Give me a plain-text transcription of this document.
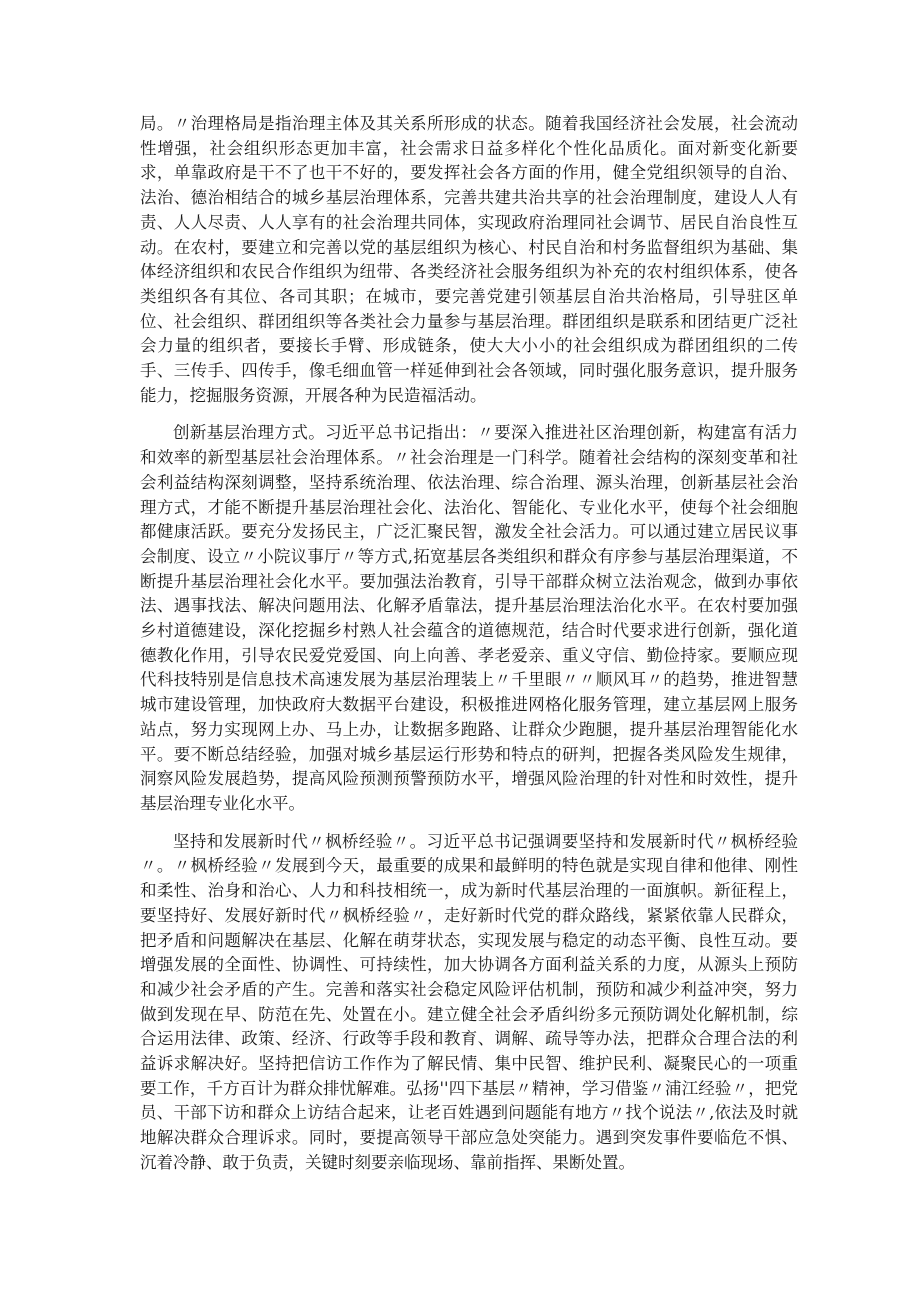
局。〃治理格局是指治理主体及其关系所形成的状态。随着我国经济社会发展，社会流动性增强，社会组织形态更加丰富，社会需求日益多样化个性化品质化。面对新变化新要求，单靠政府是干不了也干不好的，要发挥社会各方面的作用，健全党组织领导的自治、法治、德治相结合的城乡基层治理体系，完善共建共治共享的社会治理制度，建设人人有责、人人尽责、人人享有的社会治理共同体，实现政府治理同社会调节、居民自治良性互动。在农村，要建立和完善以党的基层组织为核心、村民自治和村务监督组织为基础、集体经济组织和农民合作组织为纽带、各类经济社会服务组织为补充的农村组织体系，使各类组织各有其位、各司其职；在城市，要完善党建引领基层自治共治格局，引导驻区单位、社会组织、群团组织等各类社会力量参与基层治理。群团组织是联系和团结更广泛社会力量的组织者，要接长手臂、形成链条，使大大小小的社会组织成为群团组织的二传手、三传手、四传手，像毛细血管一样延伸到社会各领域，同时强化服务意识，提升服务能力，挖掘服务资源，开展各种为民造福活动。

创新基层治理方式。习近平总书记指出：〃要深入推进社区治理创新，构建富有活力和效率的新型基层社会治理体系。〃社会治理是一门科学。随着社会结构的深刻变革和社会利益结构深刻调整，坚持系统治理、依法治理、综合治理、源头治理，创新基层社会治理方式，才能不断提升基层治理社会化、法治化、智能化、专业化水平，使每个社会细胞都健康活跃。要充分发扬民主，广泛汇聚民智，激发全社会活力。可以通过建立居民议事会制度、设立〃小院议事厅〃等方式,拓宽基层各类组织和群众有序参与基层治理渠道，不断提升基层治理社会化水平。要加强法治教育，引导干部群众树立法治观念，做到办事依法、遇事找法、解决问题用法、化解矛盾靠法，提升基层治理法治化水平。在农村要加强乡村道德建设，深化挖掘乡村熟人社会蕴含的道德规范，结合时代要求进行创新，强化道德教化作用，引导农民爱党爱国、向上向善、孝老爱亲、重义守信、勤俭持家。要顺应现代科技特别是信息技术高速发展为基层治理装上〃千里眼〃〃顺风耳〃的趋势，推进智慧城市建设管理，加快政府大数据平台建设，积极推进网格化服务管理，建立基层网上服务站点，努力实现网上办、马上办，让数据多跑路、让群众少跑腿，提升基层治理智能化水平。要不断总结经验，加强对城乡基层运行形势和特点的研判，把握各类风险发生规律，洞察风险发展趋势，提高风险预测预警预防水平，增强风险治理的针对性和时效性，提升基层治理专业化水平。

坚持和发展新时代〃枫桥经验〃。习近平总书记强调要坚持和发展新时代〃枫桥经验〃。〃枫桥经验〃发展到今天，最重要的成果和最鲜明的特色就是实现自律和他律、刚性和柔性、治身和治心、人力和科技相统一，成为新时代基层治理的一面旗帜。新征程上，要坚持好、发展好新时代〃枫桥经验〃，走好新时代党的群众路线，紧紧依靠人民群众，把矛盾和问题解决在基层、化解在萌芽状态，实现发展与稳定的动态平衡、良性互动。要增强发展的全面性、协调性、可持续性，加大协调各方面利益关系的力度，从源头上预防和减少社会矛盾的产生。完善和落实社会稳定风险评估机制，预防和减少利益冲突，努力做到发现在早、防范在先、处置在小。建立健全社会矛盾纠纷多元预防调处化解机制，综合运用法律、政策、经济、行政等手段和教育、调解、疏导等办法，把群众合理合法的利益诉求解决好。坚持把信访工作作为了解民情、集中民智、维护民利、凝聚民心的一项重要工作，千方百计为群众排忧解难。弘扬''四下基层〃精神，学习借鉴〃浦江经验〃，把党员、干部下访和群众上访结合起来，让老百姓遇到问题能有地方〃找个说法〃,依法及时就地解决群众合理诉求。同时，要提高领导干部应急处突能力。遇到突发事件要临危不惧、沉着冷静、敢于负责，关键时刻要亲临现场、靠前指挥、果断处置。
